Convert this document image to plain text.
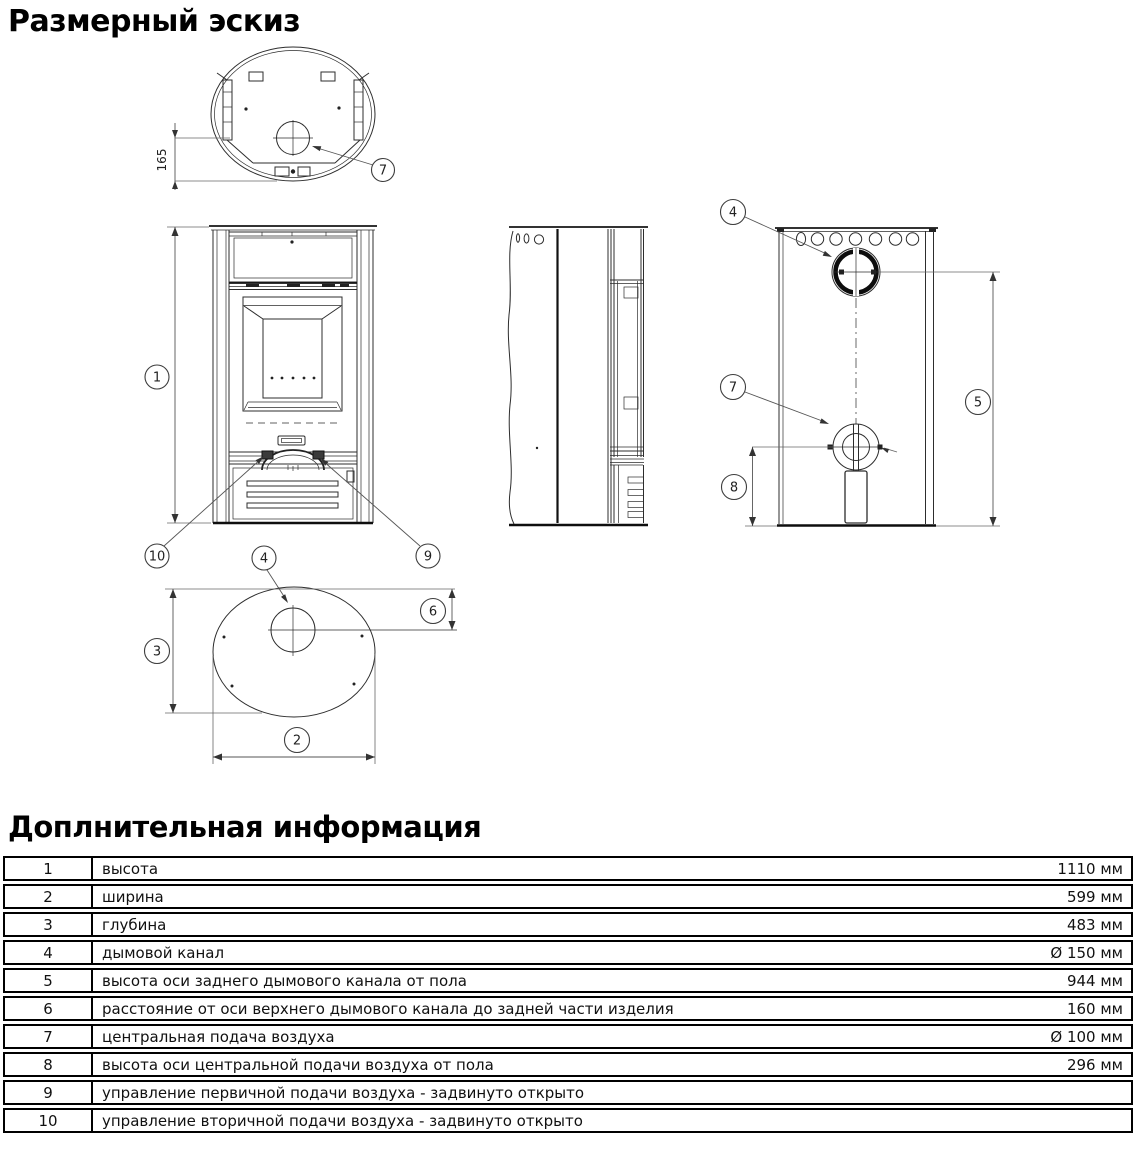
Размерный эскиз
165	7
1
10	4	9
5
8
4
7
3
6
2
Доплнительная информация
1	высота	1110 мм
2	ширина	599 мм
3	глубина	483 мм
4	дымовой канал	Ø 150 мм
5	высота оси заднего дымового канала от пола	944 мм
6	расстояние от оси верхнего дымового канала до задней части изделия	160 мм
7	центральная подача воздуха	Ø 100 мм
8	высота оси центральной подачи воздуха от пола	296 мм
9	управление первичной подачи воздуха - задвинуто открыто
10	управление вторичной подачи воздуха - задвинуто открыто
